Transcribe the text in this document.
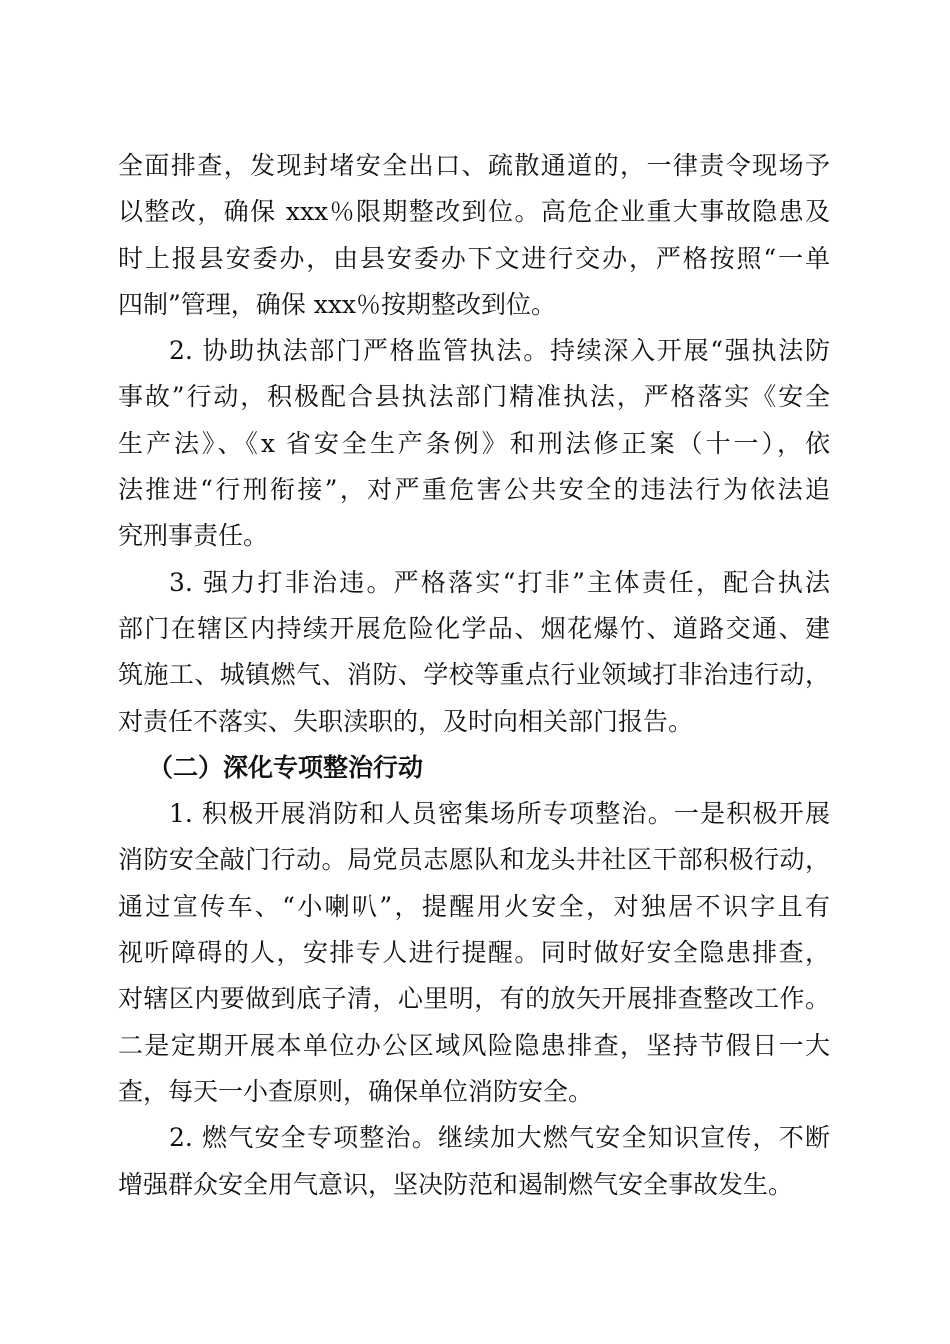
全面排查，发现封堵安全出口、疏散通道的，一律责令现场予
以整改，确保 xxx％限期整改到位。高危企业重大事故隐患及
时上报县安委办，由县安委办下文进行交办，严格按照“一单
四制”管理，确保 xxx％按期整改到位。
2. 协助执法部门严格监管执法。持续深入开展“强执法防
事故”行动，积极配合县执法部门精准执法，严格落实《安全
生产法》、《x 省安全生产条例》和刑法修正案（十一），依
法推进“行刑衔接”，对严重危害公共安全的违法行为依法追
究刑事责任。
3. 强力打非治违。严格落实“打非”主体责任，配合执法
部门在辖区内持续开展危险化学品、烟花爆竹、道路交通、建
筑施工、城镇燃气、消防、学校等重点行业领域打非治违行动，
对责任不落实、失职渎职的，及时向相关部门报告。
（二）深化专项整治行动
1. 积极开展消防和人员密集场所专项整治。一是积极开展
消防安全敲门行动。局党员志愿队和龙头井社区干部积极行动，
通过宣传车、“小喇叭”，提醒用火安全，对独居不识字且有
视听障碍的人，安排专人进行提醒。同时做好安全隐患排查，
对辖区内要做到底子清，心里明，有的放矢开展排查整改工作。
二是定期开展本单位办公区域风险隐患排查，坚持节假日一大
查，每天一小查原则，确保单位消防安全。
2. 燃气安全专项整治。继续加大燃气安全知识宣传，不断
增强群众安全用气意识，坚决防范和遏制燃气安全事故发生。
